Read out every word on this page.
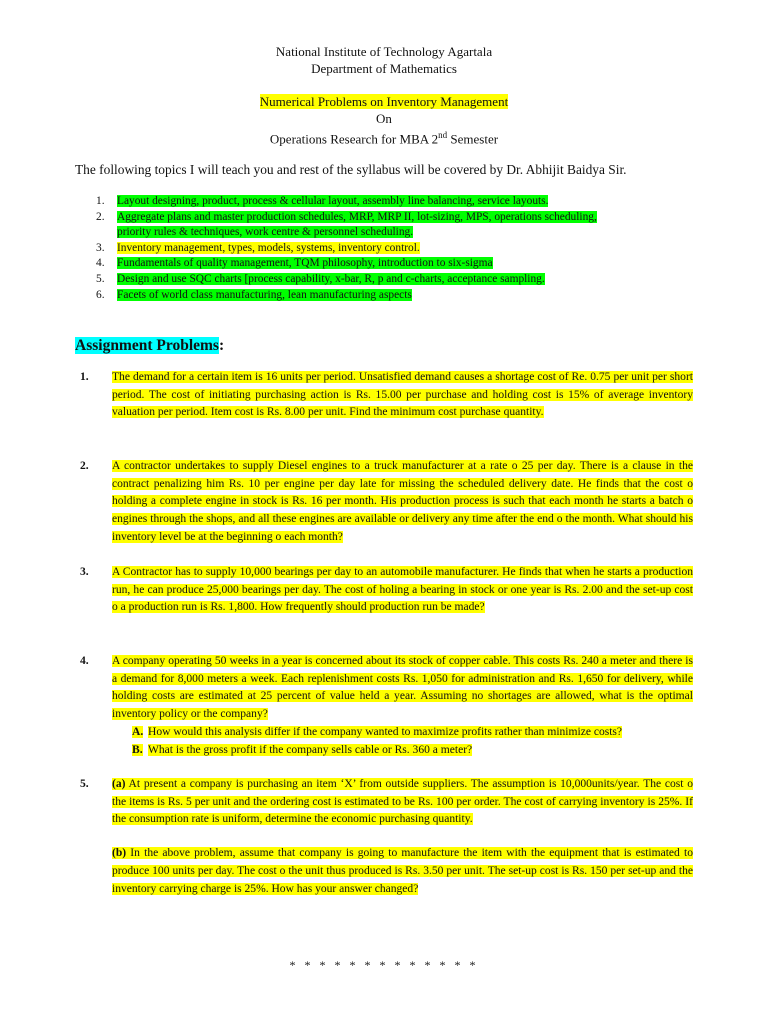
National Institute of Technology Agartala
Department of Mathematics
Numerical Problems on Inventory Management
On
Operations Research for MBA 2nd Semester
The following topics I will teach you and rest of the syllabus will be covered by Dr. Abhijit Baidya Sir.
1.	Layout designing, product, process & cellular layout, assembly line balancing, service layouts.
2.	Aggregate plans and master production schedules, MRP, MRP II, lot-sizing, MPS, operations scheduling,
priority rules & techniques, work centre & personnel scheduling.
3.	Inventory management, types, models, systems, inventory control.
4.	Fundamentals of quality management, TQM philosophy, introduction to six-sigma
5.	Design and use SQC charts [process capability, x-bar, R, p and c-charts, acceptance sampling.
6.	Facets of world class manufacturing, lean manufacturing aspects
Assignment Problems:
1.	The demand for a certain item is 16 units per period. Unsatisfied demand causes a shortage cost of Re. 0.75 per unit per short period. The cost of initiating purchasing action is Rs. 15.00 per purchase and holding cost is 15% of average inventory valuation per period. Item cost is Rs. 8.00 per unit. Find the minimum cost purchase quantity.
2.	A contractor undertakes to supply Diesel engines to a truck manufacturer at a rate o 25 per day. There is a clause in the contract penalizing him Rs. 10 per engine per day late for missing the scheduled delivery date. He finds that the cost o holding a complete engine in stock is Rs. 16 per month. His production process is such that each month he starts a batch o engines through the shops, and all these engines are available or delivery any time after the end o the month. What should his inventory level be at the beginning o each month?
3.	A Contractor has to supply 10,000 bearings per day to an automobile manufacturer. He finds that when he starts a production run, he can produce 25,000 bearings per day. The cost of holing a bearing in stock or one year is Rs. 2.00 and the set-up cost o a production run is Rs. 1,800. How frequently should production run be made?
4.	A company operating 50 weeks in a year is concerned about its stock of copper cable. This costs Rs. 240 a meter and there is a demand for 8,000 meters a week. Each replenishment costs Rs. 1,050 for administration and Rs. 1,650 for delivery, while holding costs are estimated at 25 percent of value held a year. Assuming no shortages are allowed, what is the optimal inventory policy or the company?
A. How would this analysis differ if the company wanted to maximize profits rather than minimize costs?
B. What is the gross profit if the company sells cable or Rs. 360 a meter?
5.	(a) At present a company is purchasing an item ‘X’ from outside suppliers. The assumption is 10,000units/year. The cost o the items is Rs. 5 per unit and the ordering cost is estimated to be Rs. 100 per order. The cost of carrying inventory is 25%. If the consumption rate is uniform, determine the economic purchasing quantity.
(b) In the above problem, assume that company is going to manufacture the item with the equipment that is estimated to produce 100 units per day. The cost o the unit thus produced is Rs. 3.50 per unit. The set-up cost is Rs. 150 per set-up and the inventory carrying charge is 25%. How has your answer changed?
* * * * * * * * * * * * *
